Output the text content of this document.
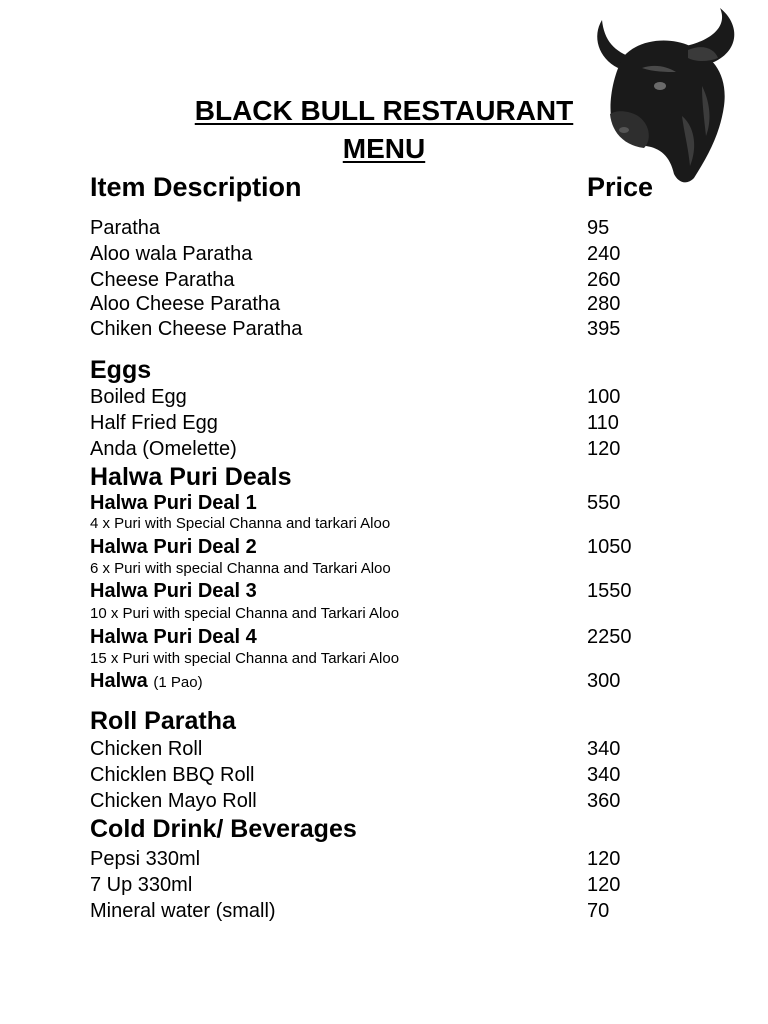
BLACK BULL RESTAURANT
MENU
Item Description	Price
Paratha	95
Aloo wala Paratha	240
Cheese Paratha	260
Aloo Cheese Paratha	280
Chiken Cheese Paratha	395
Eggs
Boiled Egg	100
Half Fried Egg	110
Anda (Omelette)	120
Halwa Puri Deals
Halwa Puri Deal 1	550
4 x Puri with Special Channa and tarkari Aloo
Halwa Puri Deal 2	1050
6 x Puri with special Channa and Tarkari Aloo
Halwa Puri Deal 3	1550
10 x Puri with special Channa and Tarkari Aloo
Halwa Puri Deal 4	2250
15 x Puri with special Channa and Tarkari Aloo
Halwa (1 Pao)	300
Roll Paratha
Chicken Roll	340
Chicklen BBQ Roll	340
Chicken Mayo Roll	360
Cold Drink/ Beverages
Pepsi 330ml	120
7 Up 330ml	120
Mineral water (small)	70
